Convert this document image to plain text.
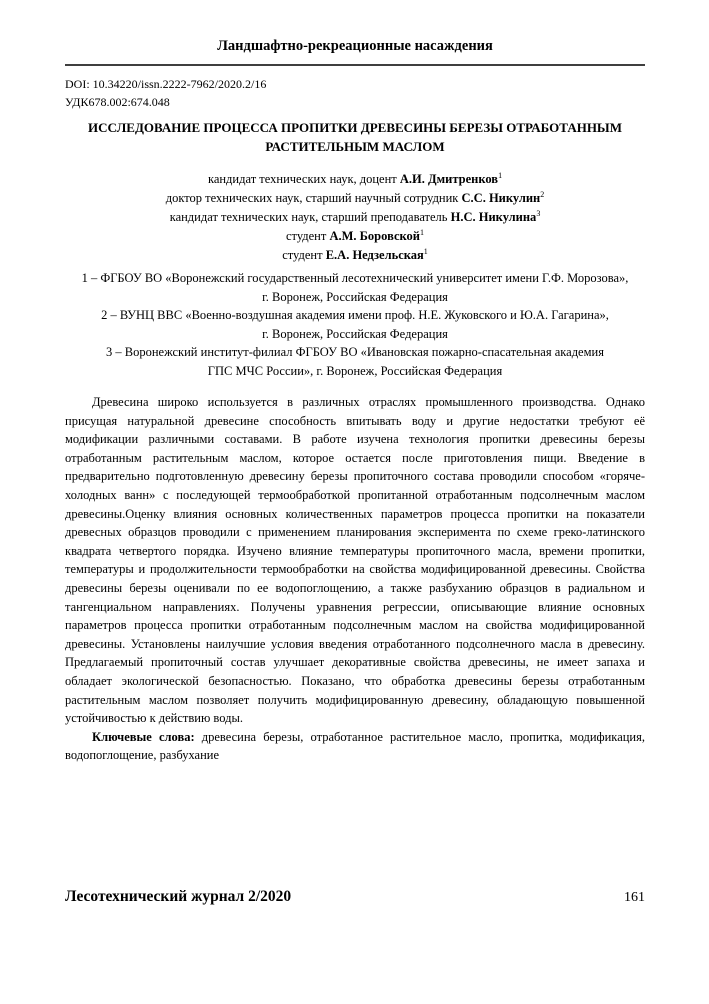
Ландшафтно-рекреационные насаждения
DOI: 10.34220/issn.2222-7962/2020.2/16
УДК678.002:674.048
ИССЛЕДОВАНИЕ ПРОЦЕССА ПРОПИТКИ ДРЕВЕСИНЫ БЕРЕЗЫ ОТРАБОТАННЫМ РАСТИТЕЛЬНЫМ МАСЛОМ
кандидат технических наук, доцент А.И. Дмитренков$^1$
доктор технических наук, старший научный сотрудник С.С. Никулин$^2$
кандидат технических наук, старший преподаватель Н.С. Никулина$^3$
студент А.М. Боровской$^1$
студент Е.А. Недзельская$^1$
1 – ФГБОУ ВО «Воронежский государственный лесотехнический университет имени Г.Ф. Морозова»,
г. Воронеж, Российская Федерация
2 – ВУНЦ ВВС «Военно-воздушная академия имени проф. Н.Е. Жуковского и Ю.А. Гагарина»,
г. Воронеж, Российская Федерация
3 – Воронежский институт-филиал ФГБОУ ВО «Ивановская пожарно-спасательная академия
ГПС МЧС России», г. Воронеж, Российская Федерация

Древесина широко используется в различных отраслях промышленного производства. Однако присущая натуральной древесине способность впитывать воду и другие недостатки требуют её модификации различными составами. В работе изучена технология пропитки древесины березы отработанным растительным маслом, которое остается после приготовления пищи. Введение в предварительно подготовленную древесину березы пропиточного состава проводили способом «горяче-холодных ванн» с последующей термообработкой пропитанной отработанным подсолнечным маслом древесины.Оценку влияния основных количественных параметров процесса пропитки на показатели древесных образцов проводили с применением планирования эксперимента по схеме греко-латинского квадрата четвертого порядка. Изучено влияние температуры пропиточного масла, времени пропитки, температуры и продолжительности термообработки на свойства модифицированной древесины. Свойства древесины березы оценивали по ее водопоглощению, а также разбуханию образцов в радиальном и тангенциальном направлениях. Получены уравнения регрессии, описывающие влияние основных параметров процесса пропитки отработанным подсолнечным маслом на свойства модифицированной древесины. Установлены наилучшие условия введения отработанного подсолнечного масла в древесину. Предлагаемый пропиточный состав улучшает декоративные свойства древесины, не имеет запаха и обладает экологической безопасностью. Показано, что обработка древесины березы отработанным растительным маслом позволяет получить модифицированную древесину, обладающую повышенной устойчивостью к действию воды.

Ключевые слова: древесина березы, отработанное растительное масло, пропитка, модификация, водопоглощение, разбухание

Лесотехнический журнал 2/2020	161
